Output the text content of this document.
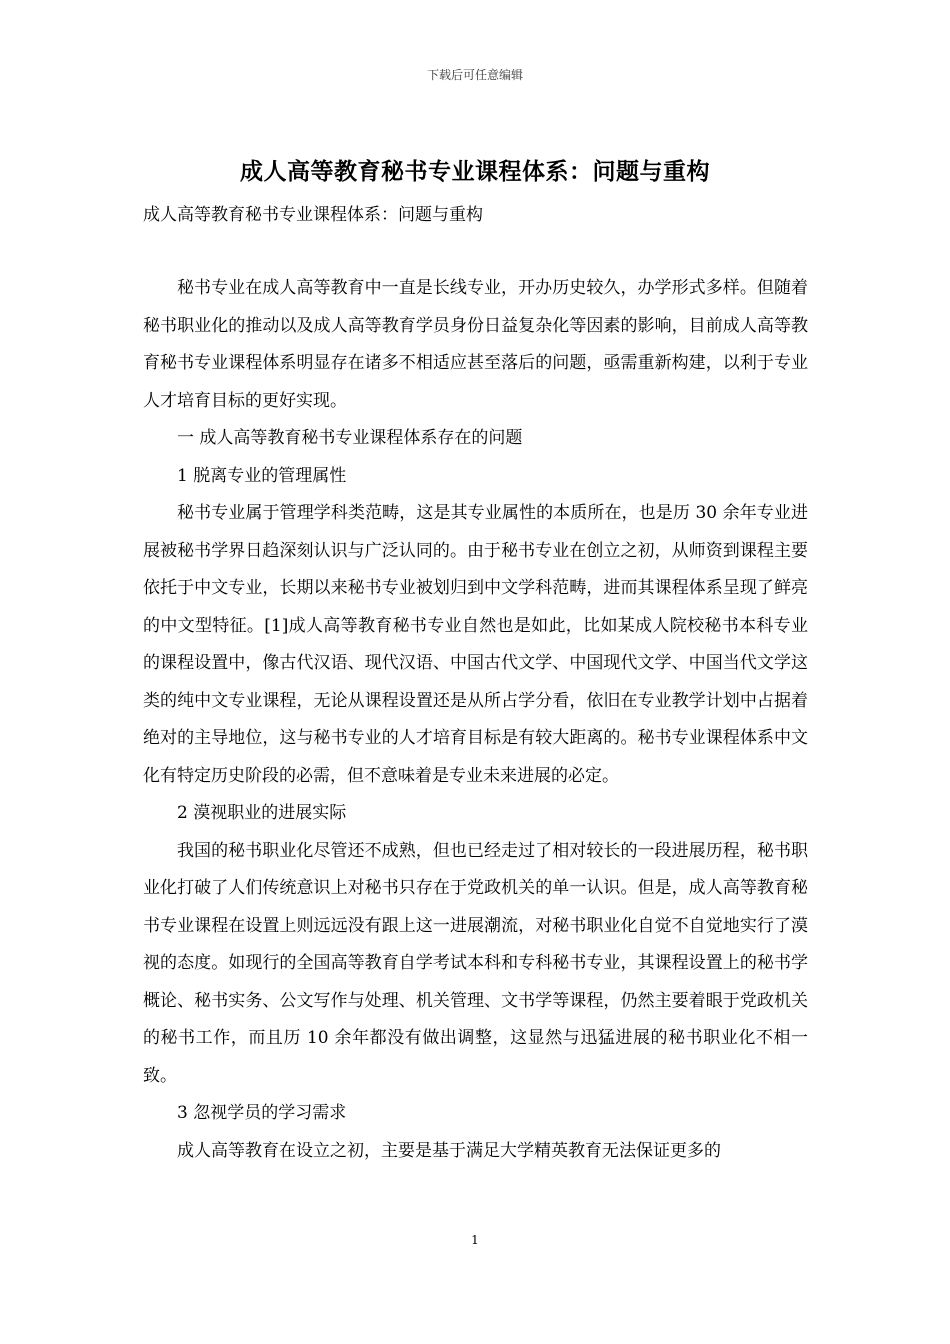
下载后可任意编辑
成人高等教育秘书专业课程体系：问题与重构
成人高等教育秘书专业课程体系：问题与重构

秘书专业在成人高等教育中一直是长线专业，开办历史较久，办学形式多样。但随着秘书职业化的推动以及成人高等教育学员身份日益复杂化等因素的影响，目前成人高等教育秘书专业课程体系明显存在诸多不相适应甚至落后的问题，亟需重新构建，以利于专业人才培育目标的更好实现。

一 成人高等教育秘书专业课程体系存在的问题

1 脱离专业的管理属性

秘书专业属于管理学科类范畴，这是其专业属性的本质所在，也是历 30 余年专业进展被秘书学界日趋深刻认识与广泛认同的。由于秘书专业在创立之初，从师资到课程主要依托于中文专业，长期以来秘书专业被划归到中文学科范畴，进而其课程体系呈现了鲜亮的中文型特征。[1]成人高等教育秘书专业自然也是如此，比如某成人院校秘书本科专业的课程设置中，像古代汉语、现代汉语、中国古代文学、中国现代文学、中国当代文学这类的纯中文专业课程，无论从课程设置还是从所占学分看，依旧在专业教学计划中占据着绝对的主导地位，这与秘书专业的人才培育目标是有较大距离的。秘书专业课程体系中文化有特定历史阶段的必需，但不意味着是专业未来进展的必定。

2 漠视职业的进展实际

我国的秘书职业化尽管还不成熟，但也已经走过了相对较长的一段进展历程，秘书职业化打破了人们传统意识上对秘书只存在于党政机关的单一认识。但是，成人高等教育秘书专业课程在设置上则远远没有跟上这一进展潮流，对秘书职业化自觉不自觉地实行了漠视的态度。如现行的全国高等教育自学考试本科和专科秘书专业，其课程设置上的秘书学概论、秘书实务、公文写作与处理、机关管理、文书学等课程，仍然主要着眼于党政机关的秘书工作，而且历 10 余年都没有做出调整，这显然与迅猛进展的秘书职业化不相一致。

3 忽视学员的学习需求

成人高等教育在设立之初，主要是基于满足大学精英教育无法保证更多的

1
